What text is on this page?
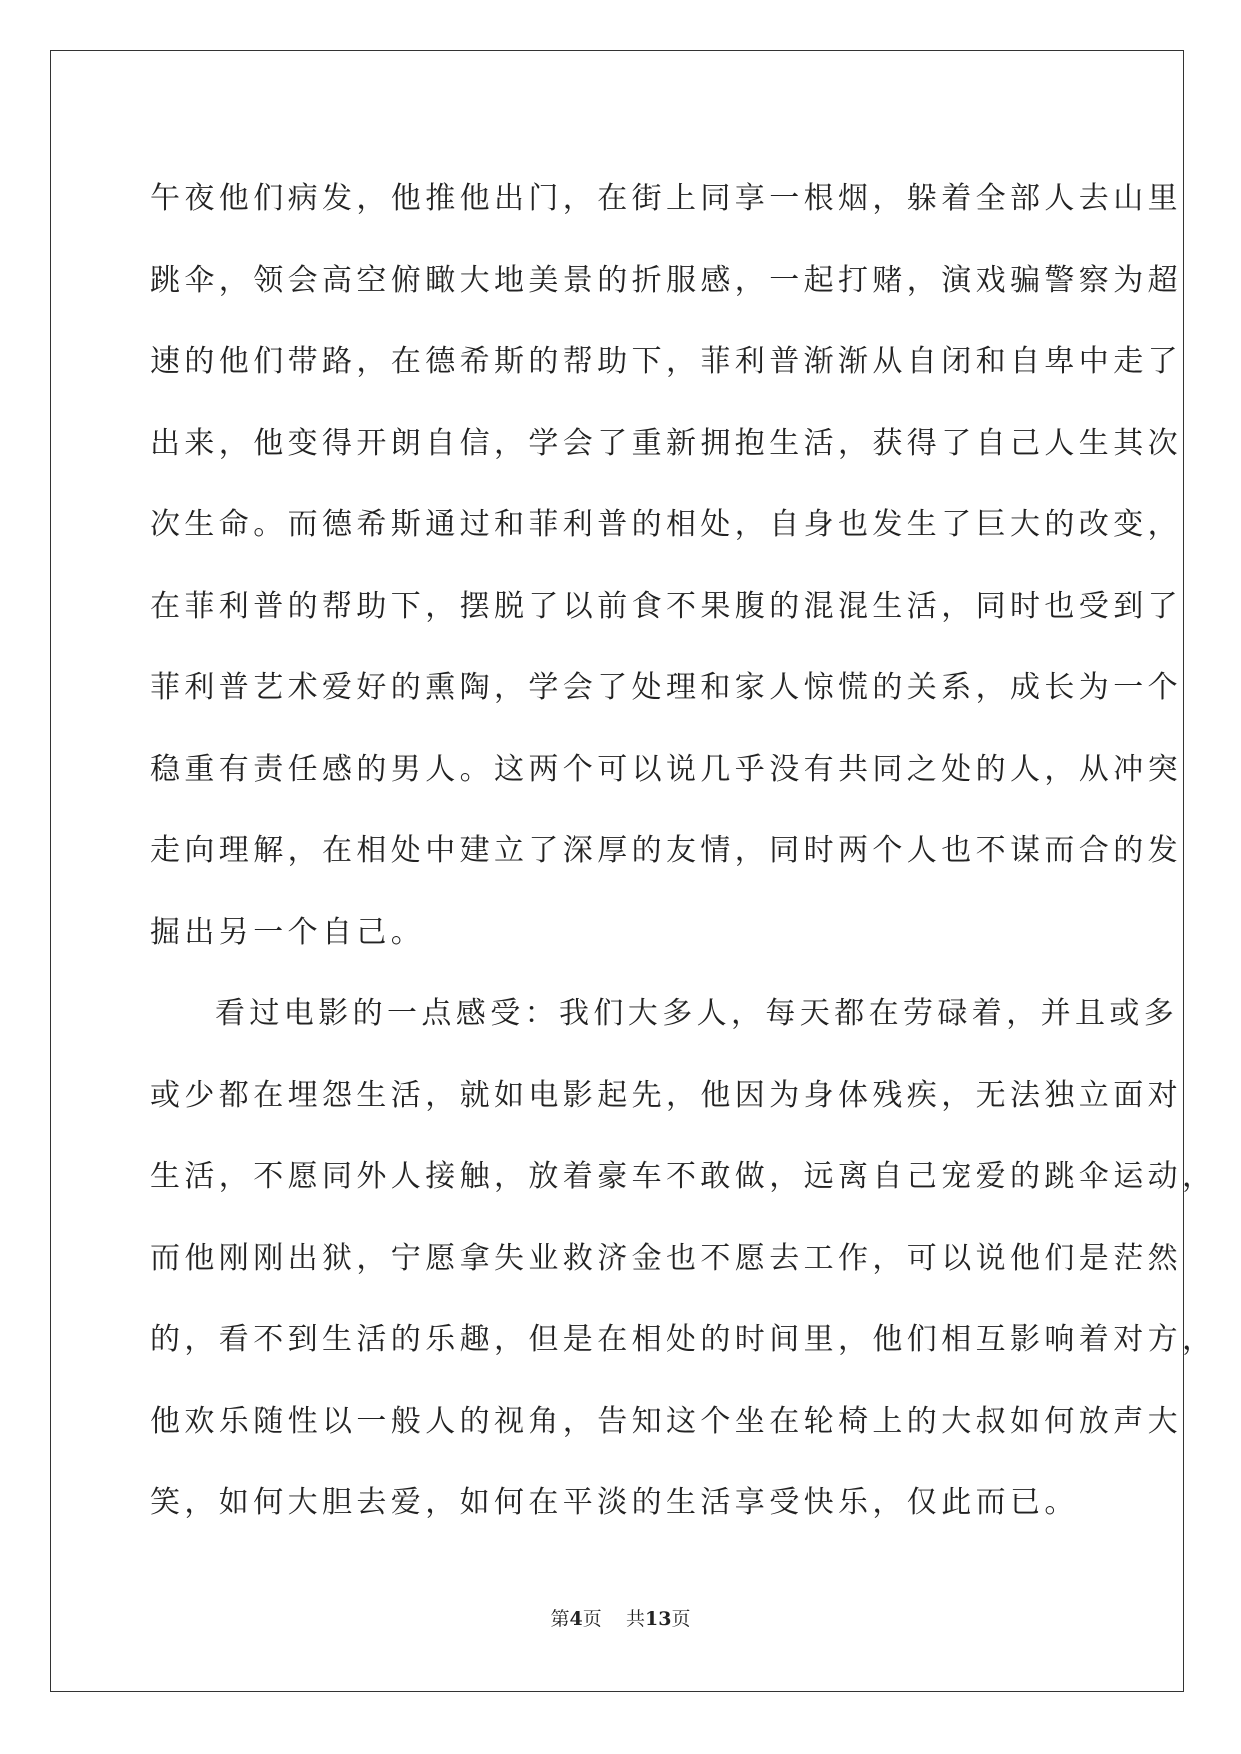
午夜他们病发，他推他出门，在街上同享一根烟，躲着全部人去山里
跳伞，领会高空俯瞰大地美景的折服感，一起打赌，演戏骗警察为超
速的他们带路，在德希斯的帮助下，菲利普渐渐从自闭和自卑中走了
出来，他变得开朗自信，学会了重新拥抱生活，获得了自己人生其次
次生命。而德希斯通过和菲利普的相处，自身也发生了巨大的改变，
在菲利普的帮助下，摆脱了以前食不果腹的混混生活，同时也受到了
菲利普艺术爱好的熏陶，学会了处理和家人惊慌的关系，成长为一个
稳重有责任感的男人。这两个可以说几乎没有共同之处的人，从冲突
走向理解，在相处中建立了深厚的友情，同时两个人也不谋而合的发
掘出另一个自己。
看过电影的一点感受：我们大多人，每天都在劳碌着，并且或多
或少都在埋怨生活，就如电影起先，他因为身体残疾，无法独立面对
生活，不愿同外人接触，放着豪车不敢做，远离自己宠爱的跳伞运动，
而他刚刚出狱，宁愿拿失业救济金也不愿去工作，可以说他们是茫然
的，看不到生活的乐趣，但是在相处的时间里，他们相互影响着对方，
他欢乐随性以一般人的视角，告知这个坐在轮椅上的大叔如何放声大
笑，如何大胆去爱，如何在平淡的生活享受快乐，仅此而已。
第4页 共13页
